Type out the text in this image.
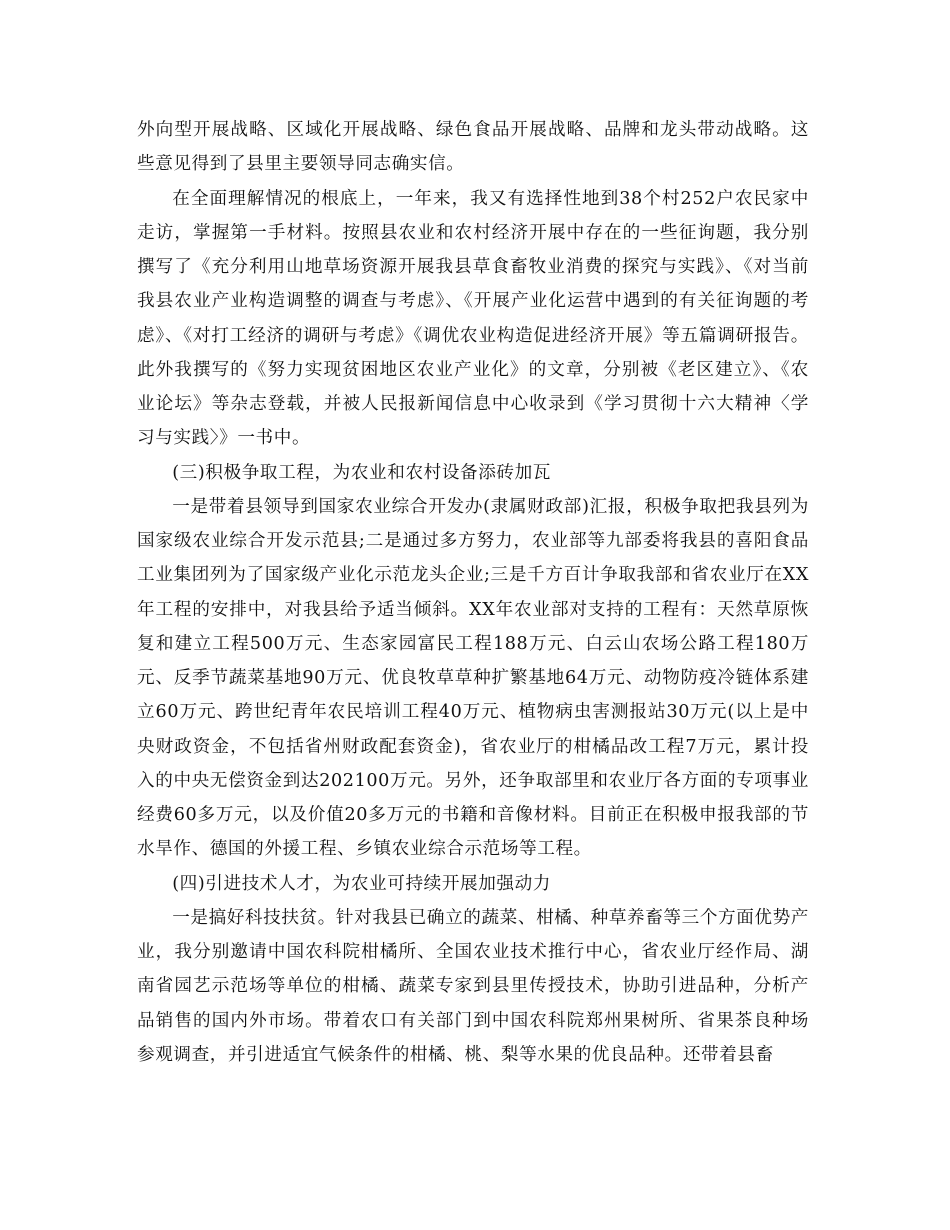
外向型开展战略、区域化开展战略、绿色食品开展战略、品牌和龙头带动战略。这些意见得到了县里主要领导同志确实信。

在全面理解情况的根底上，一年来，我又有选择性地到38个村252户农民家中走访，掌握第一手材料。按照县农业和农村经济开展中存在的一些征询题，我分别撰写了《充分利用山地草场资源开展我县草食畜牧业消费的探究与实践》、《对当前我县农业产业构造调整的调查与考虑》、《开展产业化运营中遇到的有关征询题的考虑》、《对打工经济的调研与考虑》《调优农业构造促进经济开展》等五篇调研报告。此外我撰写的《努力实现贫困地区农业产业化》的文章，分别被《老区建立》、《农业论坛》等杂志登载，并被人民报新闻信息中心收录到《学习贯彻十六大精神〈学习与实践〉》一书中。

(三)积极争取工程，为农业和农村设备添砖加瓦

一是带着县领导到国家农业综合开发办(隶属财政部)汇报，积极争取把我县列为国家级农业综合开发示范县;二是通过多方努力，农业部等九部委将我县的喜阳食品工业集团列为了国家级产业化示范龙头企业;三是千方百计争取我部和省农业厅在XX年工程的安排中，对我县给予适当倾斜。XX年农业部对支持的工程有：天然草原恢复和建立工程500万元、生态家园富民工程188万元、白云山农场公路工程180万元、反季节蔬菜基地90万元、优良牧草草种扩繁基地64万元、动物防疫冷链体系建立60万元、跨世纪青年农民培训工程40万元、植物病虫害测报站30万元(以上是中央财政资金，不包括省州财政配套资金)，省农业厅的柑橘品改工程7万元，累计投入的中央无偿资金到达202100万元。另外，还争取部里和农业厅各方面的专项事业经费60多万元，以及价值20多万元的书籍和音像材料。目前正在积极申报我部的节水旱作、德国的外援工程、乡镇农业综合示范场等工程。

(四)引进技术人才，为农业可持续开展加强动力

一是搞好科技扶贫。针对我县已确立的蔬菜、柑橘、种草养畜等三个方面优势产业，我分别邀请中国农科院柑橘所、全国农业技术推行中心，省农业厅经作局、湖南省园艺示范场等单位的柑橘、蔬菜专家到县里传授技术，协助引进品种，分析产品销售的国内外市场。带着农口有关部门到中国农科院郑州果树所、省果茶良种场参观调查，并引进适宜气候条件的柑橘、桃、梨等水果的优良品种。还带着县畜
